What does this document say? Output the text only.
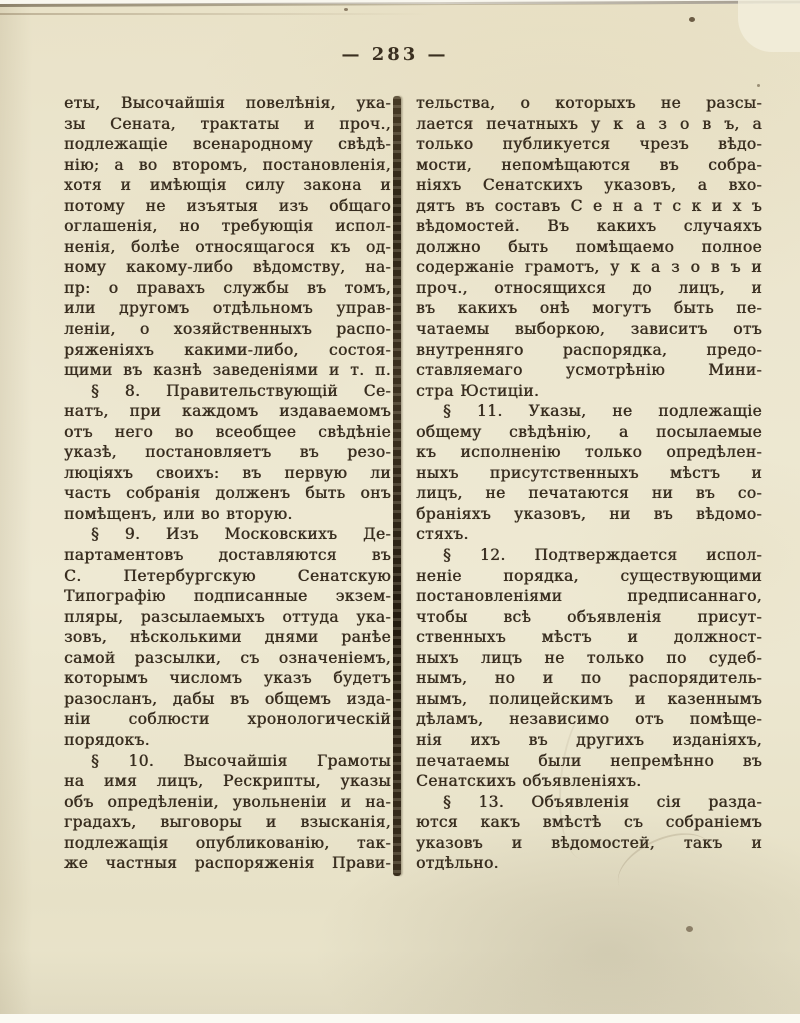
— 283 —
еты, Высочайшія повелѣнія, ука-
зы Сената, трактаты и проч.,
подлежащіе всенародному свѣдѣ-
нію; а во второмъ, постановленія,
хотя и имѣющія силу закона и
потому не изъятыя изъ общаго
оглашенія, но требующія испол-
ненія, болѣе относящагося къ од-
ному какому-либо вѣдомству, на-
пр: о правахъ службы въ томъ,
или другомъ отдѣльномъ управ-
леніи, о хозяйственныхъ распо-
ряженіяхъ какими-либо, состоя-
щими въ казнѣ заведеніями и т. п.
§ 8. Правительствующій Се-
натъ, при каждомъ издаваемомъ
отъ него во всеобщее свѣдѣніе
указѣ, постановляетъ въ резо-
люціяхъ своихъ: въ первую ли
часть собранія долженъ быть онъ
помѣщенъ, или во вторую.
§ 9. Изъ Московскихъ Де-
партаментовъ доставляются въ
С. Петербургскую Сенатскую
Типографію подписанные экзем-
пляры, разсылаемыхъ оттуда ука-
зовъ, нѣсколькими днями ранѣе
самой разсылки, съ означеніемъ,
которымъ числомъ указъ будетъ
разосланъ, дабы въ общемъ изда-
ніи соблюсти хронологическій
порядокъ.
§ 10. Высочайшія Грамоты
на имя лицъ, Рескрипты, указы
объ опредѣленіи, увольненіи и на-
градахъ, выговоры и взысканія,
подлежащія опубликованію, так-
же частныя распоряженія Прави-
тельства, о которыхъ не разсы-
лается печатныхъ у к а з о в ъ, а
только публикуется чрезъ вѣдо-
мости, непомѣщаются въ собра-
ніяхъ Сенатскихъ указовъ, а вхо-
дятъ въ составъ С е н а т с к и х ъ
вѣдомостей. Въ какихъ случаяхъ
должно быть помѣщаемо полное
содержаніе грамотъ, у к а з о в ъ и
проч., относящихся до лицъ, и
въ какихъ онѣ могутъ быть пе-
чатаемы выборкою, зависитъ отъ
внутренняго распорядка, предо-
ставляемаго усмотрѣнію Мини-
стра Юстиціи.
§ 11. Указы, не подлежащіе
общему свѣдѣнію, а посылаемые
къ исполненію только опредѣлен-
ныхъ присутственныхъ мѣстъ и
лицъ, не печатаются ни въ со-
браніяхъ указовъ, ни въ вѣдомо-
стяхъ.
§ 12. Подтверждается испол-
неніе порядка, существующими
постановленіями предписаннаго,
чтобы всѣ объявленія присут-
ственныхъ мѣстъ и должност-
ныхъ лицъ не только по судеб-
нымъ, но и по распорядитель-
нымъ, полицейскимъ и казеннымъ
дѣламъ, независимо отъ помѣще-
нія ихъ въ другихъ изданіяхъ,
печатаемы были непремѣнно въ
Сенатскихъ объявленіяхъ.
§ 13. Объявленія сія разда-
ются какъ вмѣстѣ съ собраніемъ
указовъ и вѣдомостей, такъ и
отдѣльно.
